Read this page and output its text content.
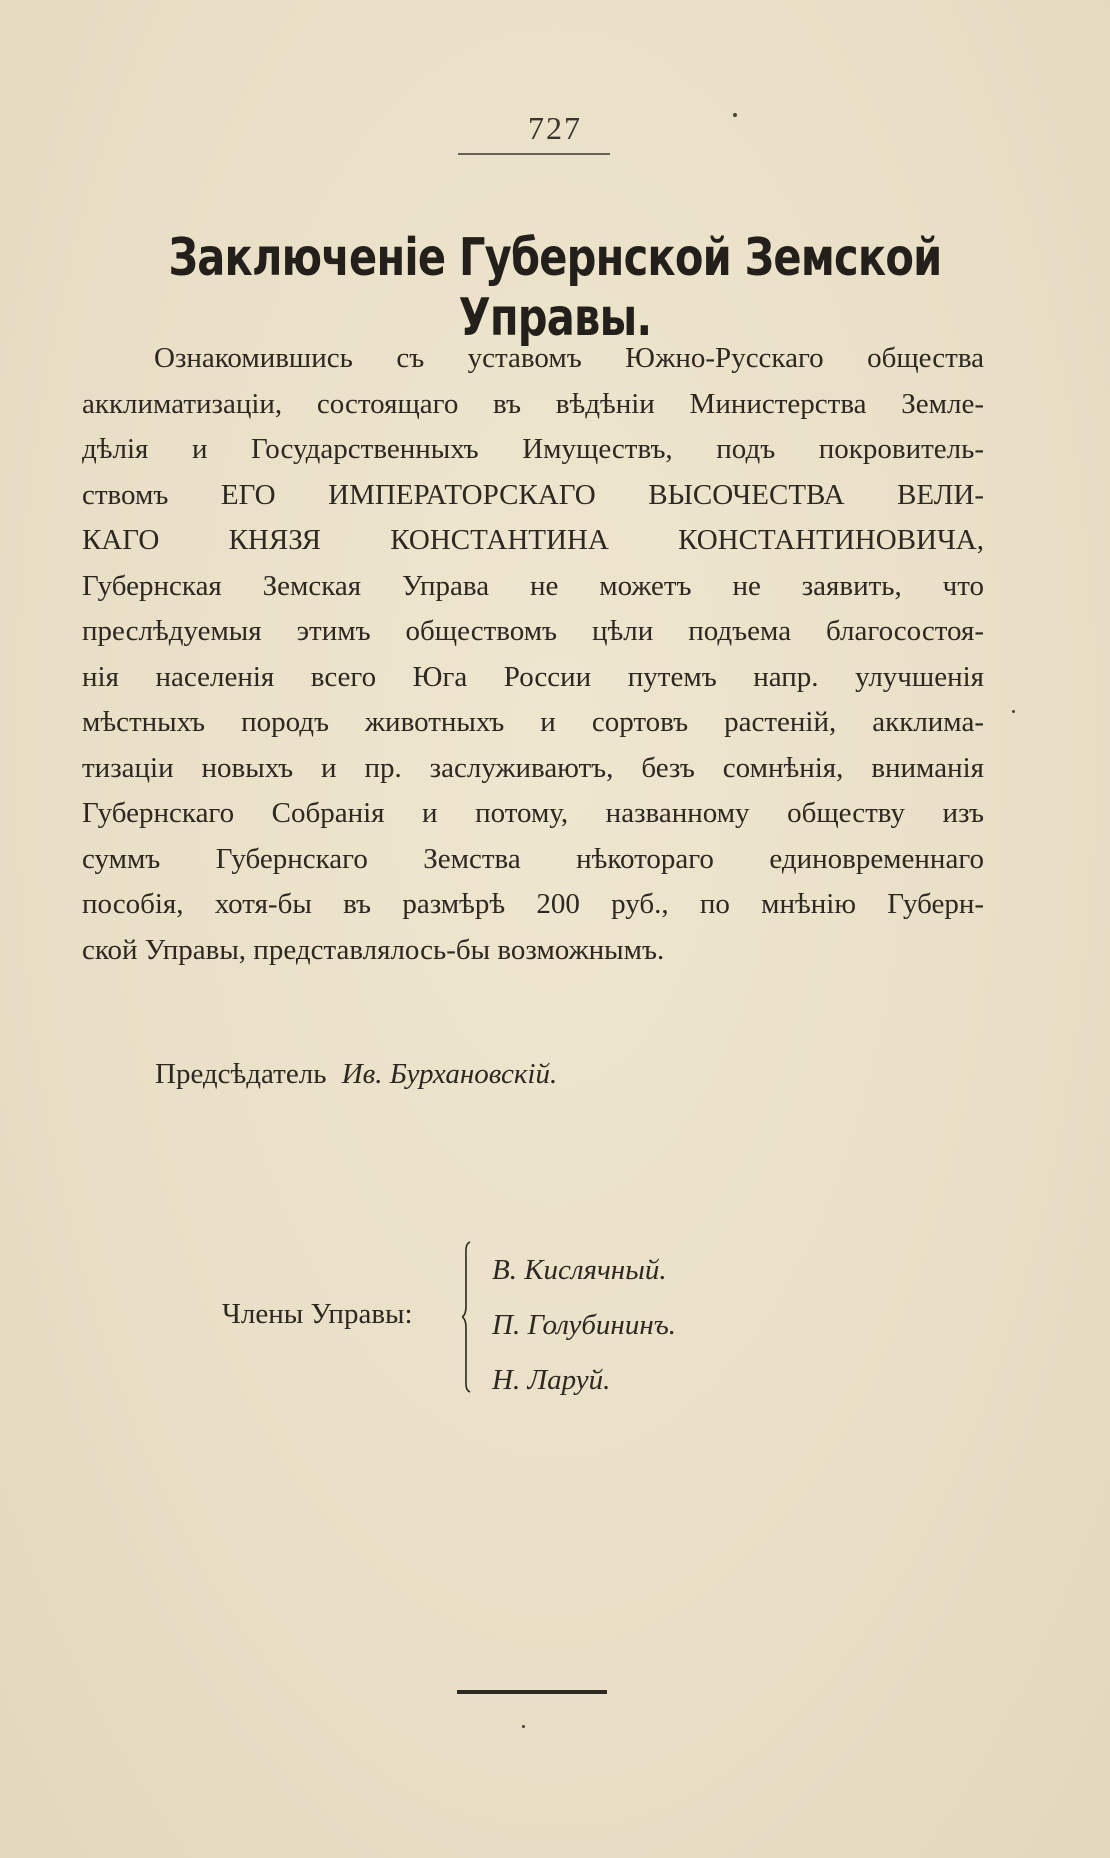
727
Заключеніе Губернской Земской Управы.
Ознакомившись съ уставомъ Южно-Русскаго общества
акклиматизаціи, состоящаго въ вѣдѣніи Министерства Земле-
дѣлія и Государственныхъ Имуществъ, подъ покровитель-
ствомъ ЕГО ИМПЕРАТОРСКАГО ВЫСОЧЕСТВА ВЕЛИ-
КАГО КНЯЗЯ КОНСТАНТИНА КОНСТАНТИНОВИЧА,
Губернская Земская Управа не можетъ не заявить, что
преслѣдуемыя этимъ обществомъ цѣли подъема благосостоя-
нія населенія всего Юга России путемъ напр. улучшенія
мѣстныхъ породъ животныхъ и сортовъ растеній, акклима-
тизаціи новыхъ и пр. заслуживаютъ, безъ сомнѣнія, вниманія
Губернскаго Собранія и потому, названному обществу изъ
суммъ Губернскаго Земства нѣкотораго единовременнаго
пособія, хотя-бы въ размѣрѣ 200 руб., по мнѣнію Губерн-
ской Управы, представлялось-бы возможнымъ.
Предсѣдатель Ив. Бурхановскій.
Члены Управы:
В. Кислячный.
П. Голубининъ.
Н. Ларуй.
